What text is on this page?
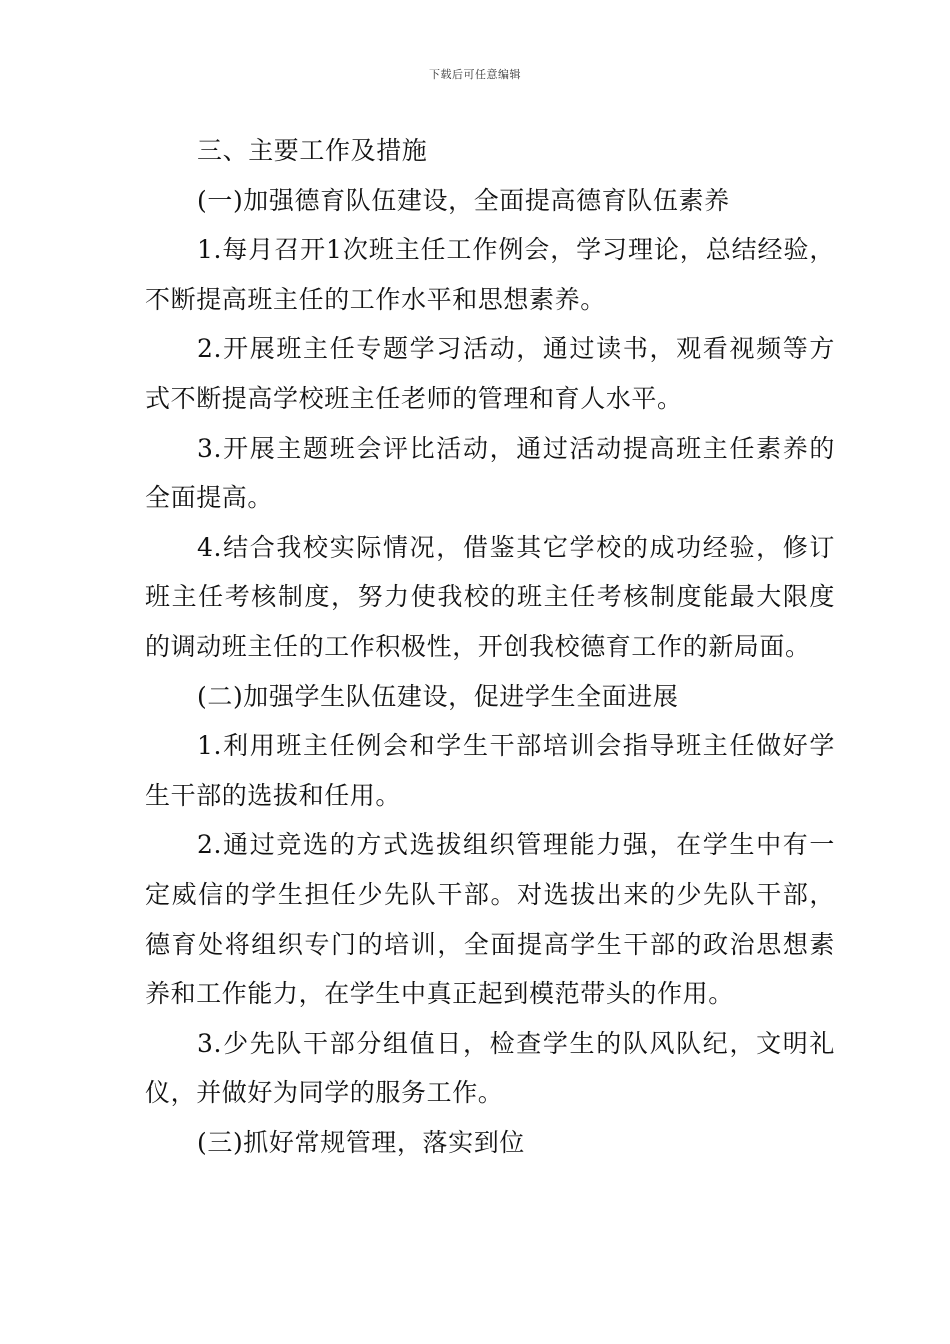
下载后可任意编辑

三、主要工作及措施

(一)加强德育队伍建设，全面提高德育队伍素养

1.每月召开1次班主任工作例会，学习理论，总结经验，不断提高班主任的工作水平和思想素养。

2.开展班主任专题学习活动，通过读书，观看视频等方式不断提高学校班主任老师的管理和育人水平。

3.开展主题班会评比活动，通过活动提高班主任素养的全面提高。

4.结合我校实际情况，借鉴其它学校的成功经验，修订班主任考核制度，努力使我校的班主任考核制度能最大限度的调动班主任的工作积极性，开创我校德育工作的新局面。

(二)加强学生队伍建设，促进学生全面进展

1.利用班主任例会和学生干部培训会指导班主任做好学生干部的选拔和任用。

2.通过竞选的方式选拔组织管理能力强，在学生中有一定威信的学生担任少先队干部。对选拔出来的少先队干部，德育处将组织专门的培训，全面提高学生干部的政治思想素养和工作能力，在学生中真正起到模范带头的作用。

3.少先队干部分组值日，检查学生的队风队纪，文明礼仪，并做好为同学的服务工作。

(三)抓好常规管理，落实到位
